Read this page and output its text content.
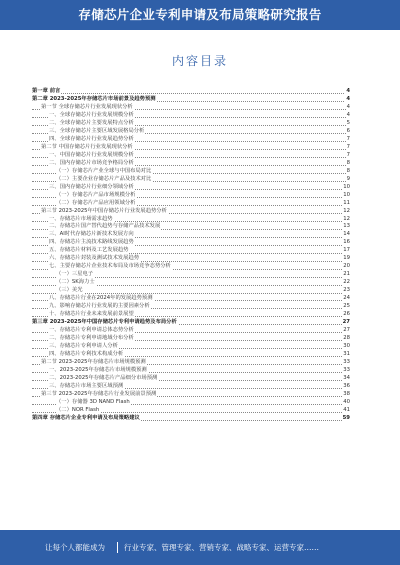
存储芯片企业专利申请及布局策略研究报告
内容目录
第一章 前言	4
第二章 2023-2025年存储芯片市场前景及趋势预测	4
第一节 全球存储芯片行业发展现状分析	4
一、全球存储芯片行业发展规模分析	4
二、全球存储芯片主要发展特点分析	5
三、全球存储芯片主要区域发展格局分析	6
四、全球存储芯片行业发展趋势分析	7
第二节 中国存储芯片行业发展现状分析	7
一、中国存储芯片行业发展规模分析	7
二、国内存储芯片市场竞争格局分析	8
（一）存储芯片产业全球与中国布局对比	8
（二）主要企业存储芯片产品及技术对比	9
三、国内存储芯片行业细分领域分析	10
（一）存储芯片产品市场规模分析	10
（二）存储芯片产品应用领域分析	11
第三节 2023-2025年中国存储芯片行业发展趋势分析	12
一、存储芯片市场需求趋势	12
二、存储芯片国产替代趋势与存储产品技术发展	13
三、AI时代存储芯片新技术发展方向	14
四、存储芯片主流技术路线发展趋势	16
五、存储芯片材料及工艺发展趋势	17
六、存储芯片封装及测试技术发展趋势	19
七、主要存储芯片企业技术布局及市场竞争态势分析	20
（一）三星电子	21
（二）SK海力士	22
（三）美光	23
八、存储芯片行业在2024年的发展趋势预测	24
九、影响存储芯片行业发展的主要因素分析	25
十、存储芯片行业未来发展前景展望	26
第三章 2023-2025年中国存储芯片专利申请趋势及布局分析	27
一、存储芯片专利申请总体态势分析	27
二、存储芯片专利申请地域分布分析	28
三、存储芯片专利申请人分析	30
四、存储芯片专利技术构成分析	31
第二节 2023-2025年存储芯片市场规模预测	33
一、2023-2025年存储芯片市场规模预测	33
二、2023-2025年存储芯片产品细分市场预测	34
三、存储芯片市场主要区域预测	36
第三节 2023-2025年存储芯片行业发展前景预测	38
（一）存储器 3D NAND Flash	40
（二）NOR Flash	41
第四章 存储芯片企业专利申请及布局策略建议	59
让每个人都能成为	行业专家、管理专家、营销专家、战略专家、运营专家……
